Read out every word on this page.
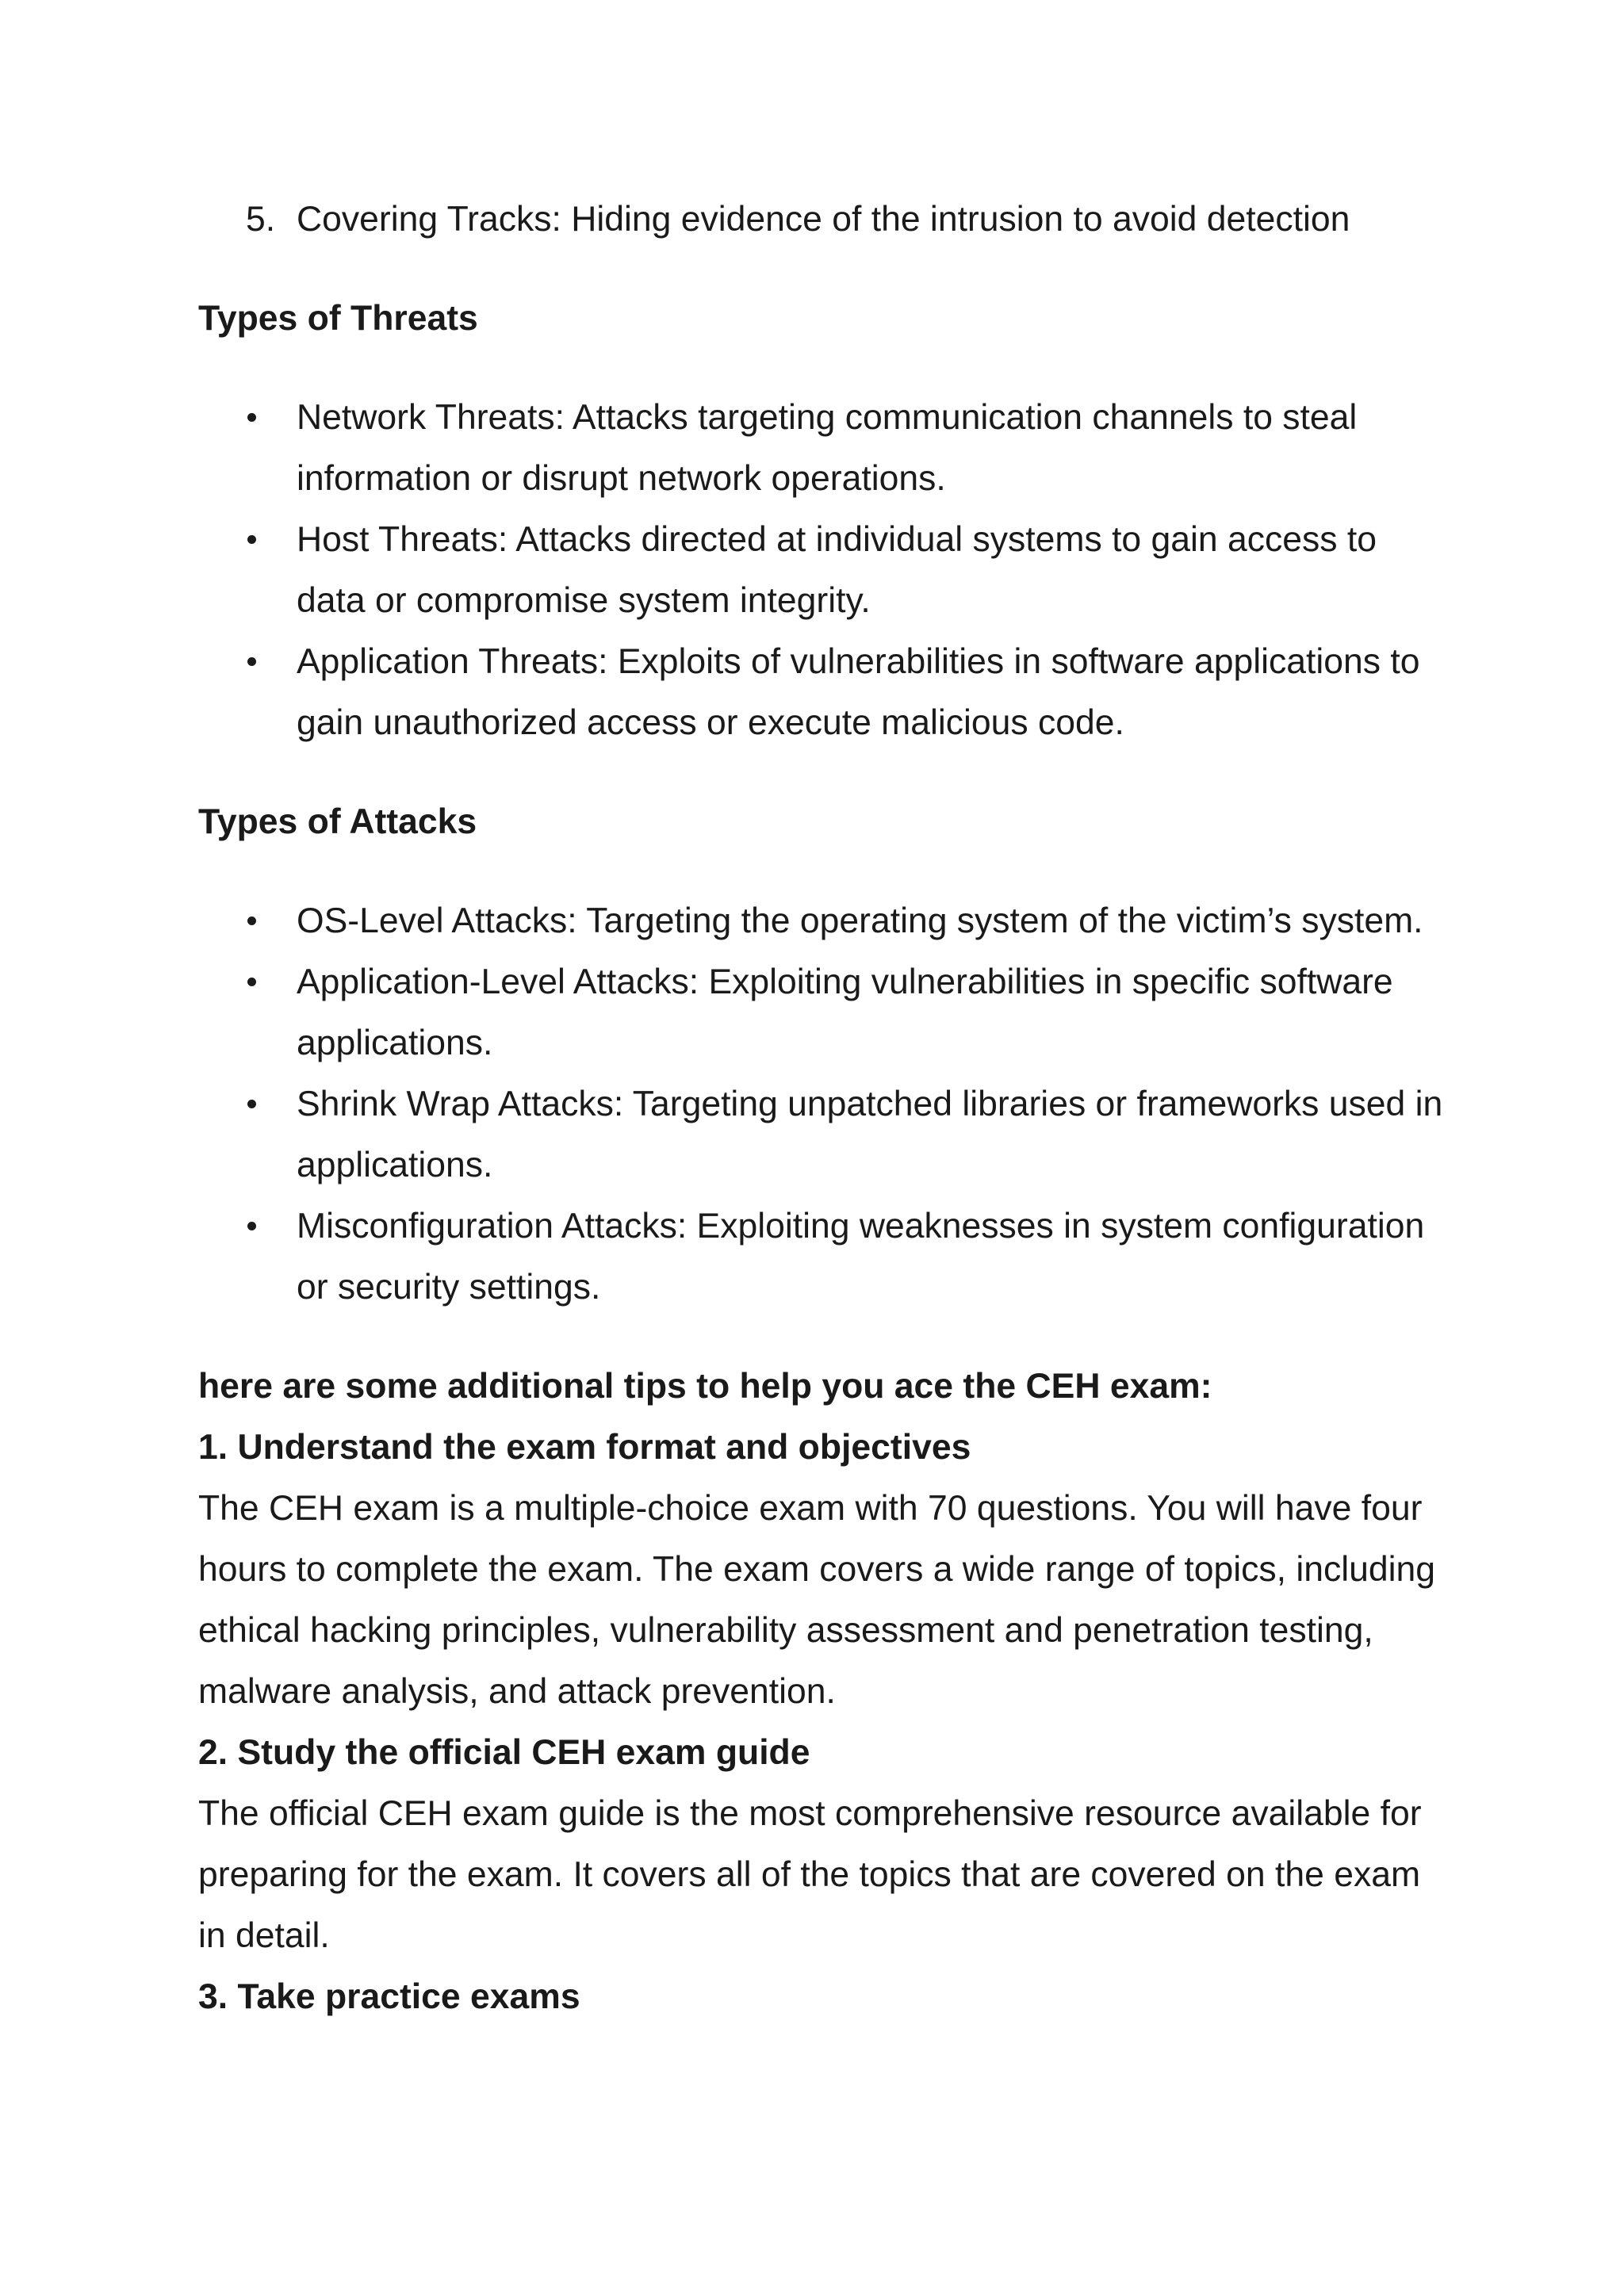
5. Covering Tracks: Hiding evidence of the intrusion to avoid detection

Types of Threats

Network Threats: Attacks targeting communication channels to steal information or disrupt network operations.
Host Threats: Attacks directed at individual systems to gain access to data or compromise system integrity.
Application Threats: Exploits of vulnerabilities in software applications to gain unauthorized access or execute malicious code.

Types of Attacks

OS-Level Attacks: Targeting the operating system of the victim’s system.
Application-Level Attacks: Exploiting vulnerabilities in specific software applications.
Shrink Wrap Attacks: Targeting unpatched libraries or frameworks used in applications.
Misconfiguration Attacks: Exploiting weaknesses in system configuration or security settings.

here are some additional tips to help you ace the CEH exam:

1. Understand the exam format and objectives

The CEH exam is a multiple-choice exam with 70 questions. You will have four hours to complete the exam. The exam covers a wide range of topics, including ethical hacking principles, vulnerability assessment and penetration testing, malware analysis, and attack prevention.

2. Study the official CEH exam guide

The official CEH exam guide is the most comprehensive resource available for preparing for the exam. It covers all of the topics that are covered on the exam in detail.

3. Take practice exams
